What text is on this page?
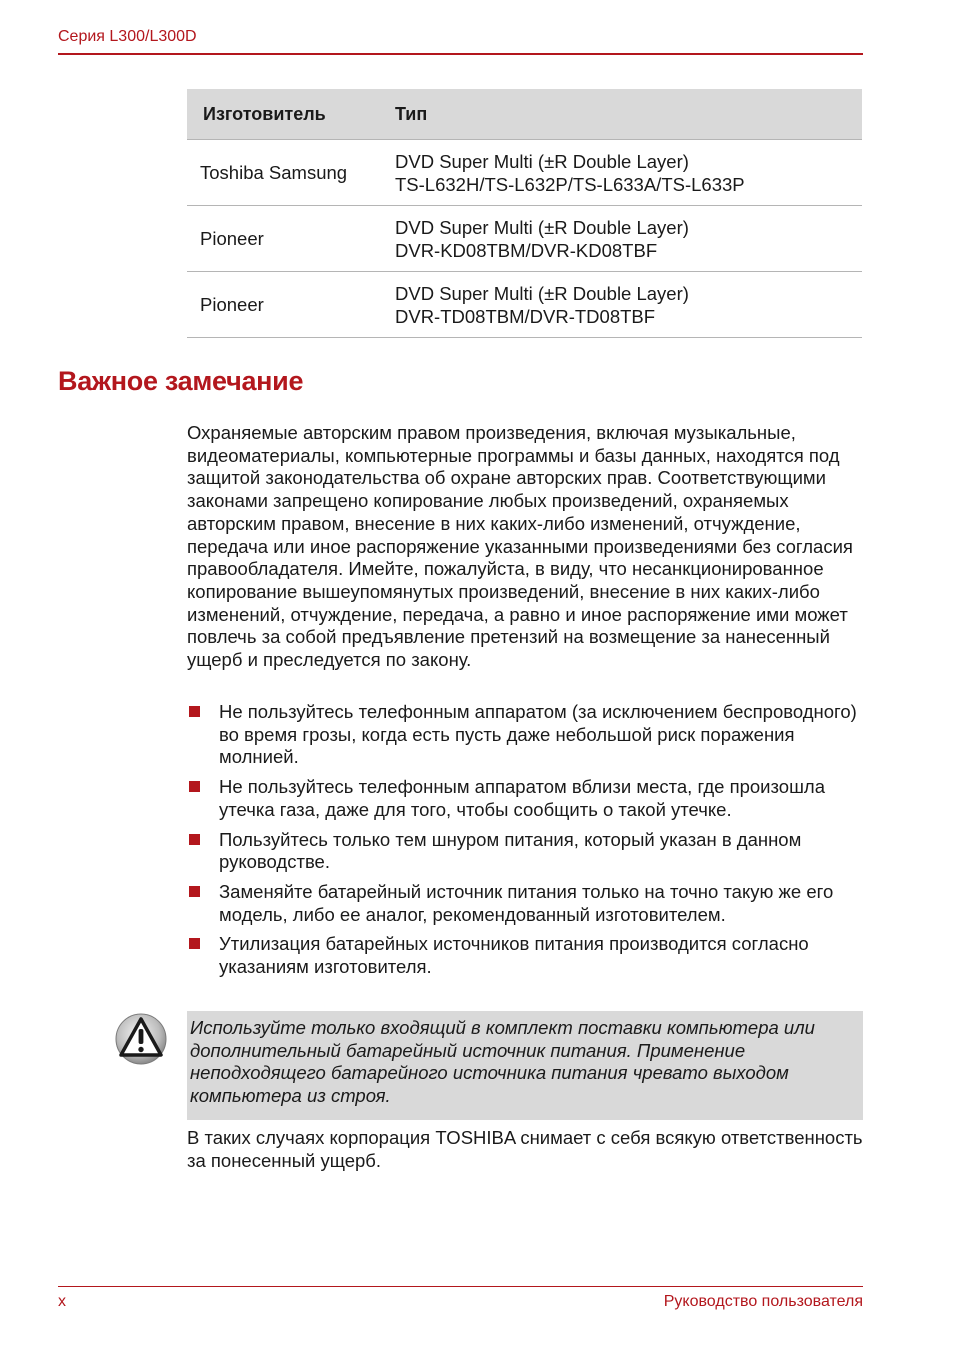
Серия L300/L300D
Изготовитель	Тип
Toshiba Samsung	DVD Super Multi (±R Double Layer)
TS-L632H/TS-L632P/TS-L633A/TS-L633P

Pioneer	DVD Super Multi (±R Double Layer)
DVR-KD08TBM/DVR-KD08TBF

Pioneer	DVD Super Multi (±R Double Layer)
DVR-TD08TBM/DVR-TD08TBF
Важное замечание

Охраняемые авторским правом произведения, включая музыкальные, видеоматериалы, компьютерные программы и базы данных, находятся под защитой законодательства об охране авторских прав. Соответствующими законами запрещено копирование любых произведений, охраняемых авторским правом, внесение в них каких-либо изменений, отчуждение, передача или иное распоряжение указанными произведениями без согласия правообладателя. Имейте, пожалуйста, в виду, что несанкционированное копирование вышеупомянутых произведений, внесение в них каких-либо изменений, отчуждение, передача, а равно и иное распоряжение ими может повлечь за собой предъявление претензий на возмещение за нанесенный ущерб и преследуется по закону.

Не пользуйтесь телефонным аппаратом (за исключением беспроводного) во время грозы, когда есть пусть даже небольшой риск поражения молнией.
Не пользуйтесь телефонным аппаратом вблизи места, где произошла утечка газа, даже для того, чтобы сообщить о такой утечке.
Пользуйтесь только тем шнуром питания, который указан в данном руководстве.
Заменяйте батарейный источник питания только на точно такую же его модель, либо ее аналог, рекомендованный изготовителем.
Утилизация батарейных источников питания производится согласно указаниям изготовителя.

Используйте только входящий в комплект поставки компьютера или дополнительный батарейный источник питания. Применение неподходящего батарейного источника питания чревато выходом компьютера из строя.

В таких случаях корпорация TOSHIBA снимает с себя всякую ответственность за понесенный ущерб.

x	Руководство пользователя
